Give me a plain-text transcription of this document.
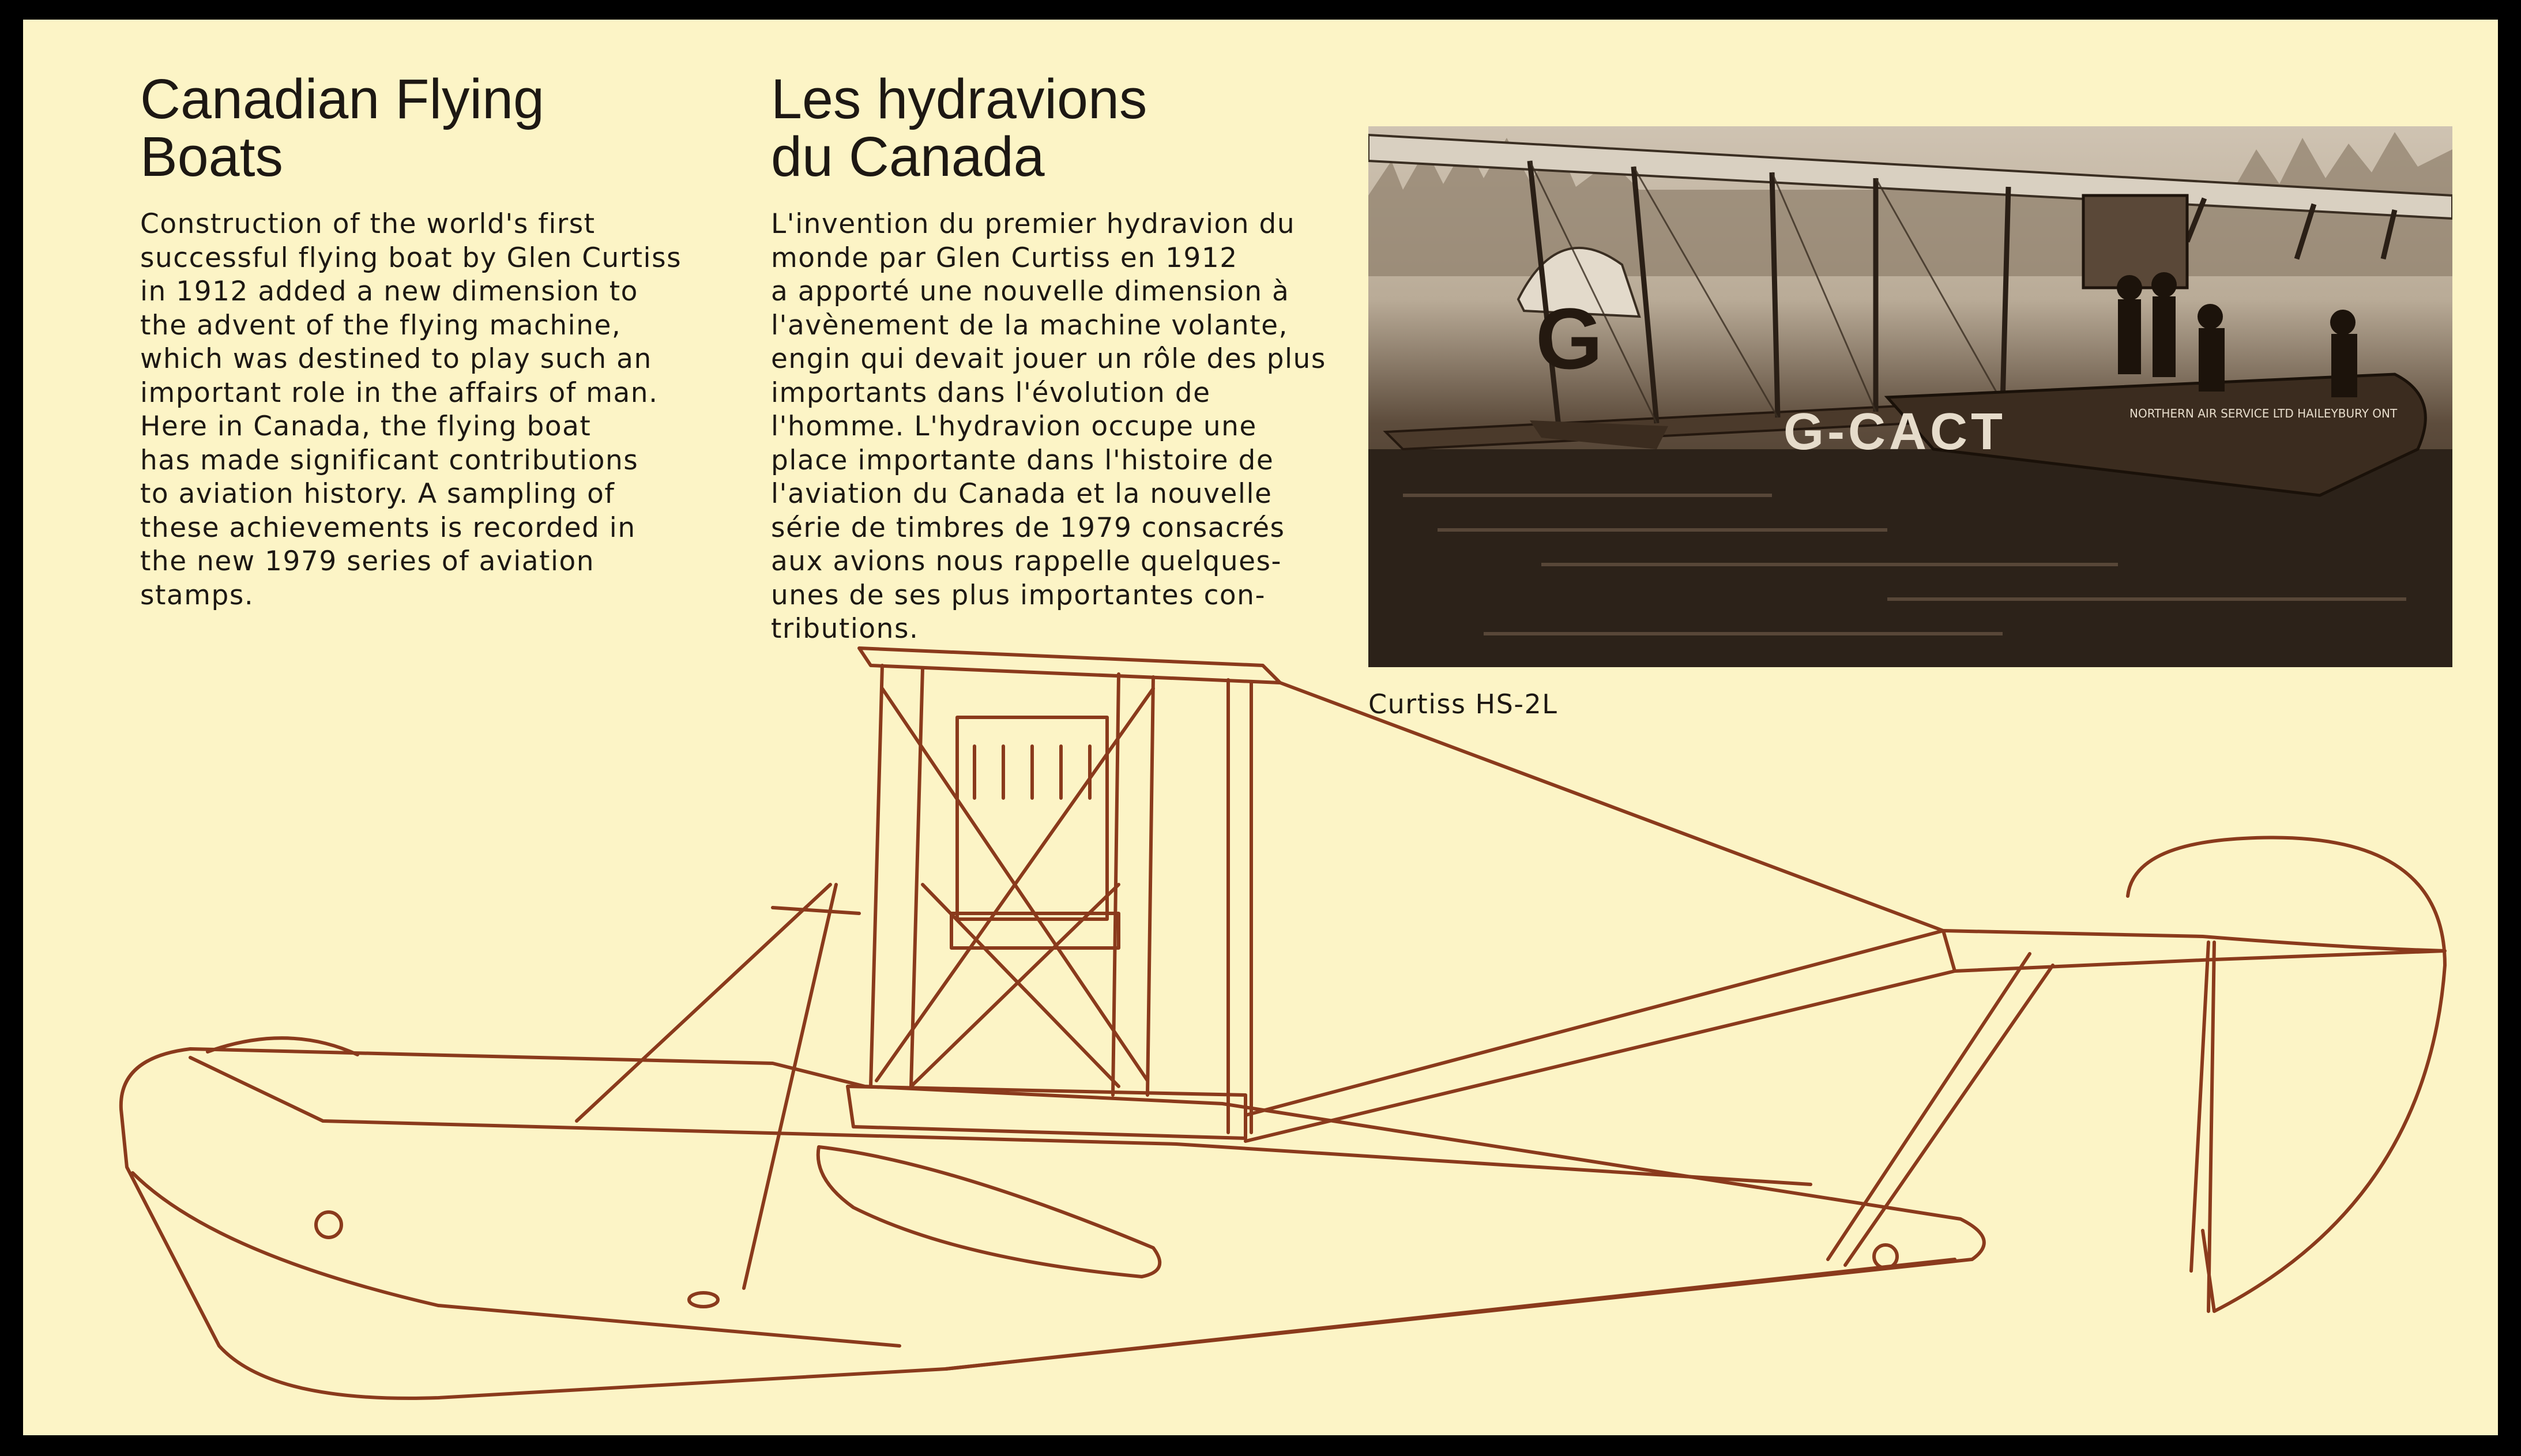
Canadian Flying
Boats

Construction of the world's first
successful flying boat by Glen Curtiss
in 1912 added a new dimension to
the advent of the flying machine,
which was destined to play such an
important role in the affairs of man.
Here in Canada, the flying boat
has made significant contributions
to aviation history. A sampling of
these achievements is recorded in
the new 1979 series of aviation
stamps.

Les hydravions
du Canada

L'invention du premier hydravion du
monde par Glen Curtiss en 1912
a apporté une nouvelle dimension à
l'avènement de la machine volante,
engin qui devait jouer un rôle des plus
importants dans l'évolution de
l'homme. L'hydravion occupe une
place importante dans l'histoire de
l'aviation du Canada et la nouvelle
série de timbres de 1979 consacrés
aux avions nous rappelle quelques-
unes de ses plus importantes con-
tributions.

G
G-CACT	NORTHERN AIR SERVICE LTD HAILEYBURY ONT
Curtiss HS-2L
